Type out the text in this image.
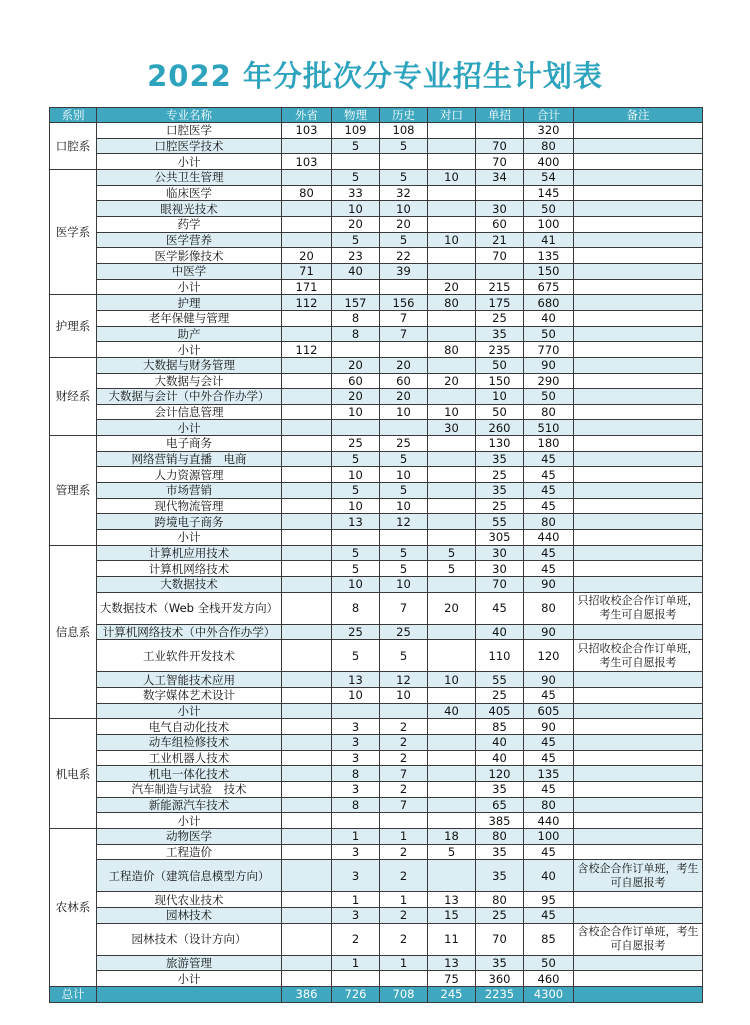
2022 年分批次分专业招生计划表
系别	专业名称	外省	物理	历史	对口	单招	合计	备注
口腔系	口腔医学	103	109	108			320	
	口腔医学技术		5	5		70	80	
	小计	103				70	400	
医学系	公共卫生管理		5	5	10	34	54	
	临床医学	80	33	32			145	
	眼视光技术		10	10		30	50	
	药学		20	20		60	100	
	医学营养		5	5	10	21	41	
	医学影像技术	20	23	22		70	135	
	中医学	71	40	39			150	
	小计	171			20	215	675	
护理系	护理	112	157	156	80	175	680	
	老年保健与管理		8	7		25	40	
	助产		8	7		35	50	
	小计	112			80	235	770	
财经系	大数据与财务管理		20	20		50	90	
	大数据与会计		60	60	20	150	290	
	大数据与会计（中外合作办学）		20	20		10	50	
	会计信息管理		10	10	10	50	80	
	小计				30	260	510	
管理系	电子商务		25	25		130	180	
	网络营销与直播　电商		5	5		35	45	
	人力资源管理		10	10		25	45	
	市场营销		5	5		35	45	
	现代物流管理		10	10		25	45	
	跨境电子商务		13	12		55	80	
	小计					305	440	
信息系	计算机应用技术		5	5	5	30	45	
	计算机网络技术		5	5	5	30	45	
	大数据技术		10	10		70	90	
	大数据技术（Web 全栈开发方向）		8	7	20	45	80	只招收校企合作订单班，考生可自愿报考
	计算机网络技术（中外合作办学）		25	25		40	90	
	工业软件开发技术		5	5		110	120	只招收校企合作订单班，考生可自愿报考
	人工智能技术应用		13	12	10	55	90	
	数字媒体艺术设计		10	10		25	45	
	小计				40	405	605	
机电系	电气自动化技术		3	2		85	90	
	动车组检修技术		3	2		40	45	
	工业机器人技术		3	2		40	45	
	机电一体化技术		8	7		120	135	
	汽车制造与试验　技术		3	2		35	45	
	新能源汽车技术		8	7		65	80	
	小计					385	440	
农林系	动物医学		1	1	18	80	100	
	工程造价		3	2	5	35	45	
	工程造价（建筑信息模型方向）		3	2		35	40	含校企合作订单班，考生可自愿报考
	现代农业技术		1	1	13	80	95	
	园林技术		3	2	15	25	45	
	园林技术（设计方向）		2	2	11	70	85	含校企合作订单班，考生可自愿报考
	旅游管理		1	1	13	35	50	
	小计				75	360	460	
总计		386	726	708	245	2235	4300	
